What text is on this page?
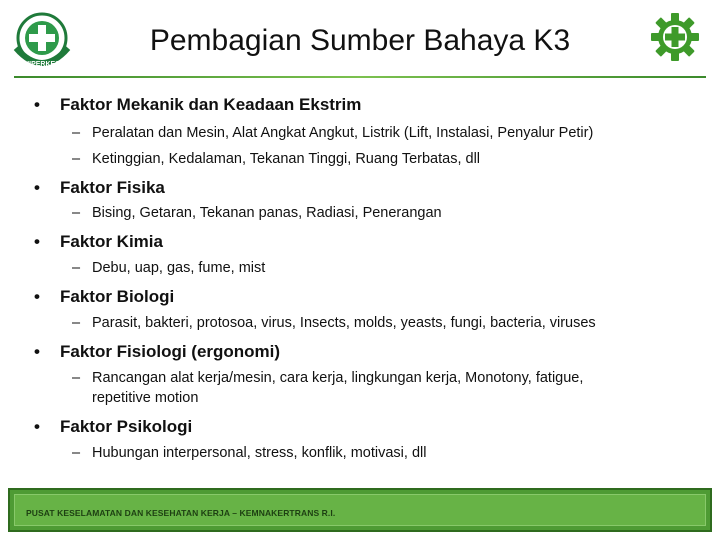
HIPERKES
Pembagian Sumber Bahaya K3
• Faktor Mekanik dan Keadaan Ekstrim
– Peralatan dan Mesin, Alat Angkat Angkut, Listrik (Lift, Instalasi, Penyalur Petir)
– Ketinggian, Kedalaman, Tekanan Tinggi, Ruang Terbatas, dll
• Faktor Fisika
– Bising, Getaran, Tekanan panas, Radiasi, Penerangan
• Faktor Kimia
– Debu, uap, gas, fume, mist
• Faktor Biologi
– Parasit, bakteri, protosoa, virus, Insects, molds, yeasts, fungi, bacteria, viruses
• Faktor Fisiologi (ergonomi)
– Rancangan alat kerja/mesin, cara kerja, lingkungan kerja, Monotony, fatigue,
repetitive motion
• Faktor Psikologi
– Hubungan interpersonal, stress, konflik, motivasi, dll
PUSAT KESELAMATAN DAN KESEHATAN KERJA – KEMNAKERTRANS R.I.
